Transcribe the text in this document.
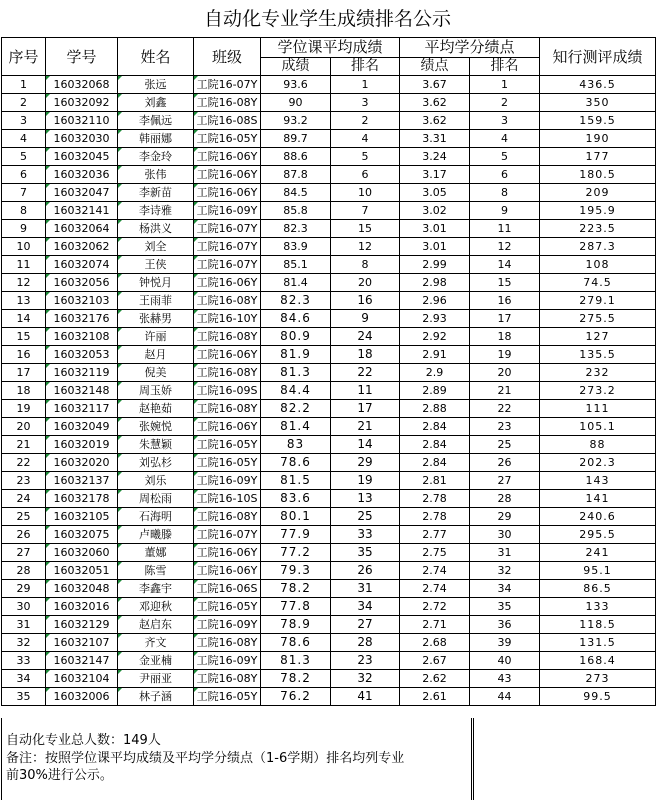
自动化专业学生成绩排名公示
序号	学号	姓名	班级	学位课平均成绩		平均学分绩点		知行测评成绩
				成绩	排名	绩点	排名	
1	16032068	张远	工院16-07Y	93.6	1	3.67	1	436.5
2	16032092	刘鑫	工院16-08Y	90	3	3.62	2	350
3	16032110	李佩远	工院16-08S	93.2	2	3.62	3	159.5
4	16032030	韩丽娜	工院16-05Y	89.7	4	3.31	4	190
5	16032045	李金玲	工院16-06Y	88.6	5	3.24	5	177
6	16032036	张伟	工院16-06Y	87.8	6	3.17	6	180.5
7	16032047	李新苗	工院16-06Y	84.5	10	3.05	8	209
8	16032141	李诗雅	工院16-09Y	85.8	7	3.02	9	195.9
9	16032064	杨洪义	工院16-07Y	82.3	15	3.01	11	223.5
10	16032062	刘全	工院16-07Y	83.9	12	3.01	12	287.3
11	16032074	王侠	工院16-07Y	85.1	8	2.99	14	108
12	16032056	钟悦月	工院16-06Y	81.4	20	2.98	15	74.5
13	16032103	王雨菲	工院16-08Y	82.3	16	2.96	16	279.1
14	16032176	张赫男	工院16-10Y	84.6	9	2.93	17	275.5
15	16032108	许丽	工院16-08Y	80.9	24	2.92	18	127
16	16032053	赵月	工院16-06Y	81.9	18	2.91	19	135.5
17	16032119	倪美	工院16-08Y	81.3	22	2.9	20	232
18	16032148	周玉娇	工院16-09S	84.4	11	2.89	21	273.2
19	16032117	赵艳茹	工院16-08Y	82.2	17	2.88	22	111
20	16032049	张婉悦	工院16-06Y	81.4	21	2.84	23	105.1
21	16032019	朱慧颖	工院16-05Y	83	14	2.84	25	88
22	16032020	刘弘杉	工院16-05Y	78.6	29	2.84	26	202.3
23	16032137	刘乐	工院16-09Y	81.5	19	2.81	27	143
24	16032178	周松雨	工院16-10S	83.6	13	2.78	28	141
25	16032105	石海明	工院16-08Y	80.1	25	2.78	29	240.6
26	16032075	卢曦滕	工院16-07Y	77.9	33	2.77	30	295.5
27	16032060	董娜	工院16-06Y	77.2	35	2.75	31	241
28	16032051	陈雪	工院16-06Y	79.3	26	2.74	32	95.1
29	16032048	李鑫宇	工院16-06S	78.2	31	2.74	34	86.5
30	16032016	邓迎秋	工院16-05Y	77.8	34	2.72	35	133
31	16032129	赵启东	工院16-09Y	78.9	27	2.71	36	118.5
32	16032107	齐文	工院16-08Y	78.6	28	2.68	39	131.5
33	16032147	金亚楠	工院16-09Y	81.3	23	2.67	40	168.4
34	16032104	尹丽亚	工院16-08Y	78.2	32	2.62	43	273
35	16032006	林子涵	工院16-05Y	76.2	41	2.61	44	99.5
自动化专业总人数：149人
备注：按照学位课平均成绩及平均学分绩点（1-6学期）排名均列专业
前30%进行公示。
